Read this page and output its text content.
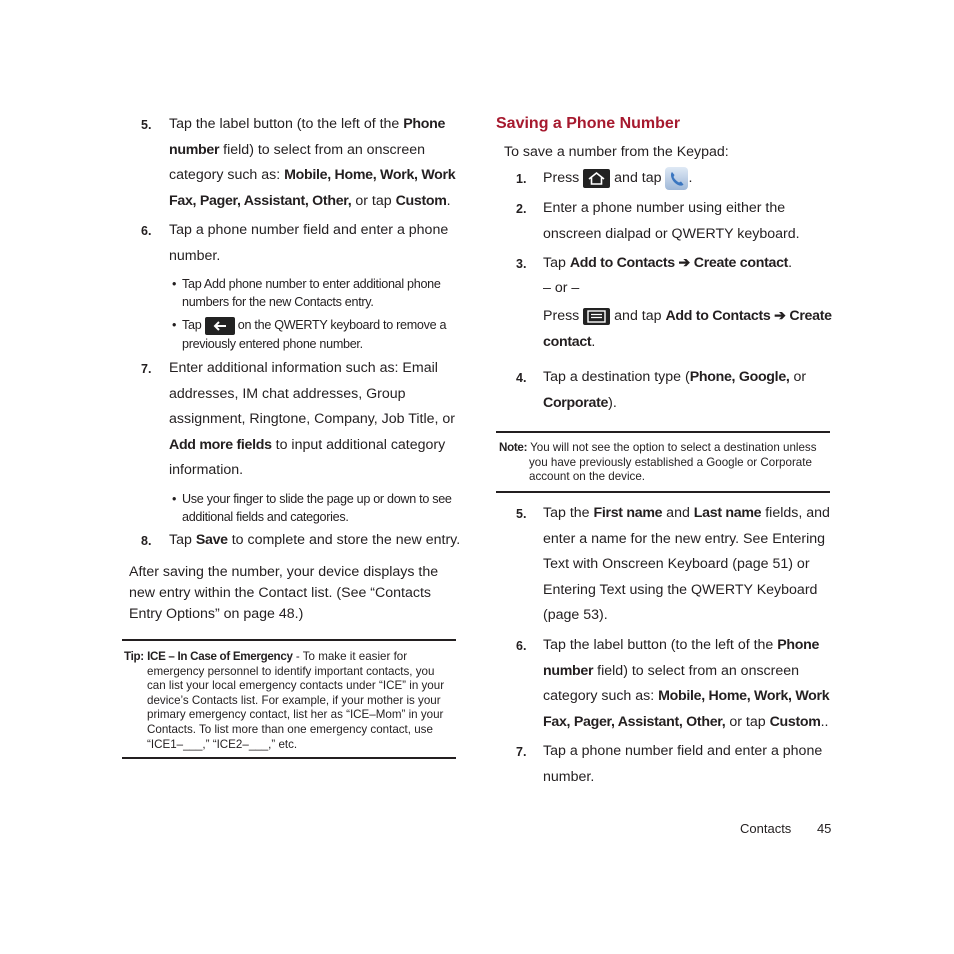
5. Tap the label button (to the left of the Phone
number field) to select from an onscreen
category such as: Mobile, Home, Work, Work
Fax, Pager, Assistant, Other, or tap Custom.
6. Tap a phone number field and enter a phone
number.
• Tap Add phone number to enter additional phone
numbers for the new Contacts entry.
• Tap  on the QWERTY keyboard to remove a
previously entered phone number.
7. Enter additional information such as: Email
addresses, IM chat addresses, Group
assignment, Ringtone, Company, Job Title, or
Add more fields to input additional category
information.
• Use your finger to slide the page up or down to see
additional fields and categories.
8. Tap Save to complete and store the new entry.
After saving the number, your device displays the
new entry within the Contact list. (See “Contacts
Entry Options” on page 48.)
Tip: ICE – In Case of Emergency - To make it easier for
emergency personnel to identify important contacts, you
can list your local emergency contacts under “ICE” in your
device’s Contacts list. For example, if your mother is your
primary emergency contact, list her as “ICE–Mom” in your
Contacts. To list more than one emergency contact, use
“ICE1–___,” “ICE2–___,” etc.
Saving a Phone Number
To save a number from the Keypad:
1. Press  and tap .
2. Enter a phone number using either the
onscreen dialpad or QWERTY keyboard.
3. Tap Add to Contacts ➔ Create contact.
– or –
Press  and tap Add to Contacts ➔ Create
contact.
4. Tap a destination type (Phone, Google, or
Corporate).
Note: You will not see the option to select a destination unless
you have previously established a Google or Corporate
account on the device.
5. Tap the First name and Last name fields, and
enter a name for the new entry. See Entering
Text with Onscreen Keyboard (page 51) or
Entering Text using the QWERTY Keyboard
(page 53).
6. Tap the label button (to the left of the Phone
number field) to select from an onscreen
category such as: Mobile, Home, Work, Work
Fax, Pager, Assistant, Other, or tap Custom..
7. Tap a phone number field and enter a phone
number.
Contacts 45
